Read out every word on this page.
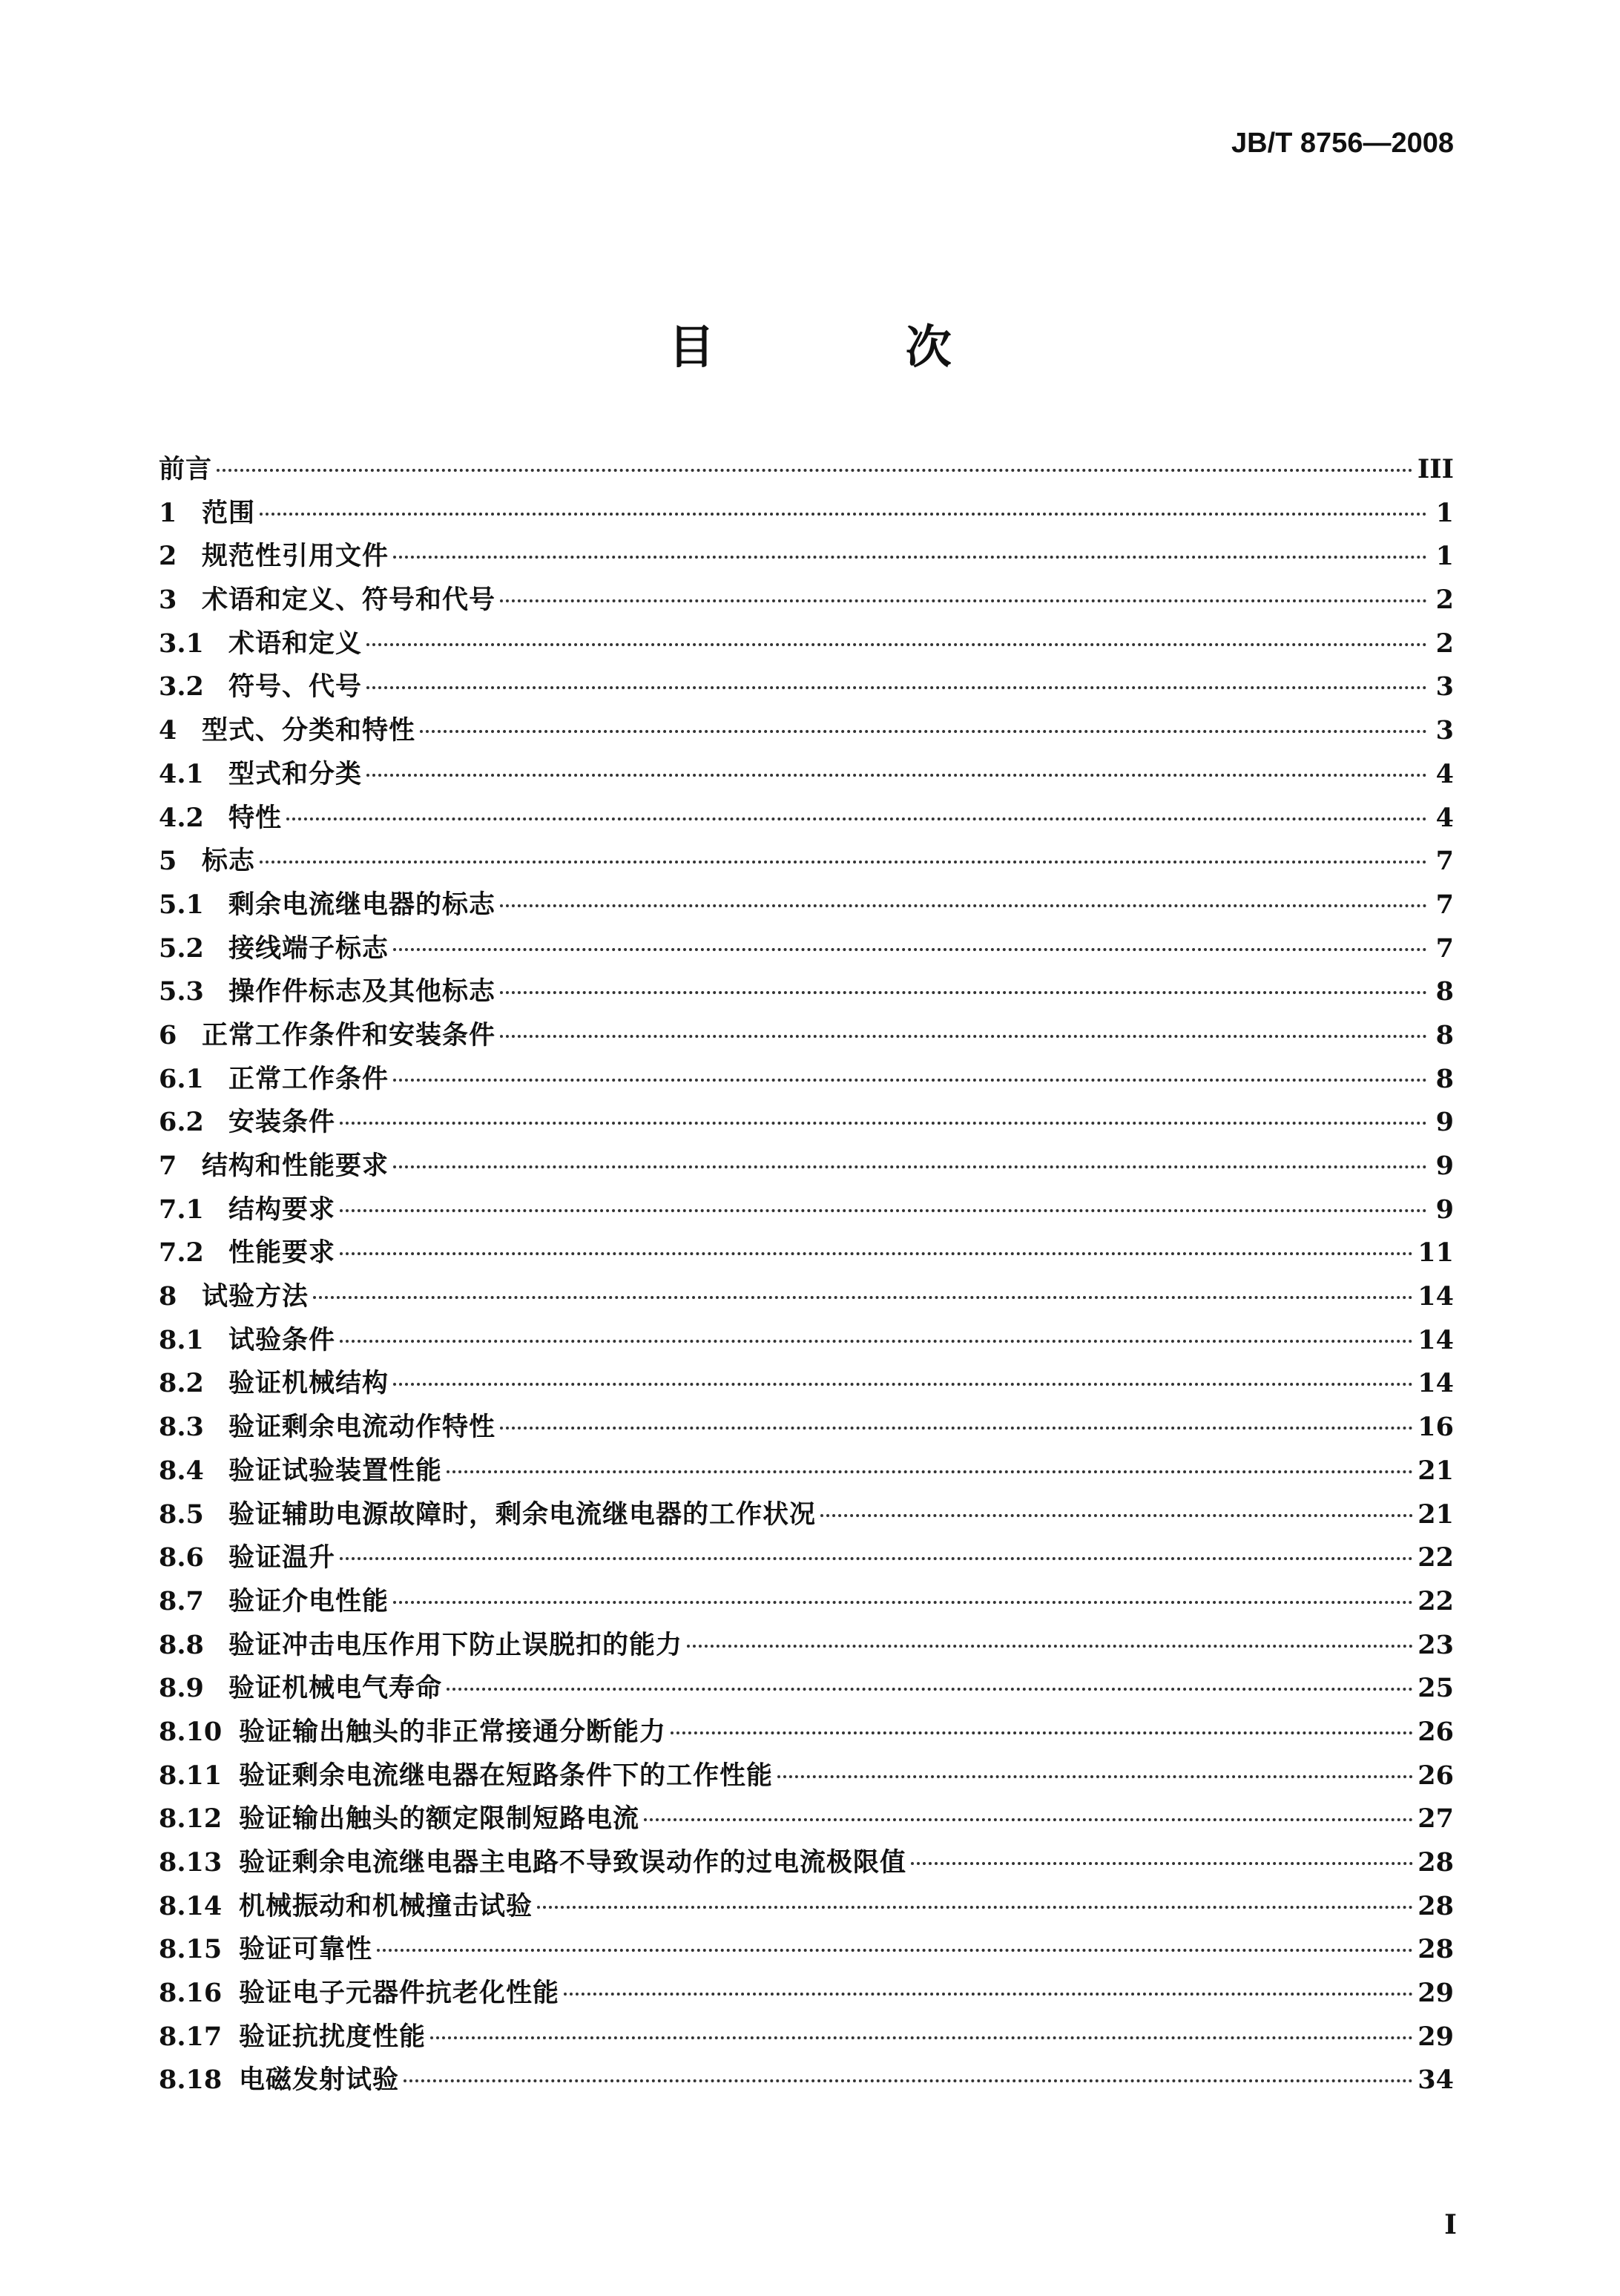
JB/T 8756—2008
目 次
前言	III
1 范围	1
2 规范性引用文件	1
3 术语和定义、符号和代号	2
3.1 术语和定义	2
3.2 符号、代号	3
4 型式、分类和特性	3
4.1 型式和分类	4
4.2 特性	4
5 标志	7
5.1 剩余电流继电器的标志	7
5.2 接线端子标志	7
5.3 操作件标志及其他标志	8
6 正常工作条件和安装条件	8
6.1 正常工作条件	8
6.2 安装条件	9
7 结构和性能要求	9
7.1 结构要求	9
7.2 性能要求	11
8 试验方法	14
8.1 试验条件	14
8.2 验证机械结构	14
8.3 验证剩余电流动作特性	16
8.4 验证试验装置性能	21
8.5 验证辅助电源故障时，剩余电流继电器的工作状况	21
8.6 验证温升	22
8.7 验证介电性能	22
8.8 验证冲击电压作用下防止误脱扣的能力	23
8.9 验证机械电气寿命	25
8.10 验证输出触头的非正常接通分断能力	26
8.11 验证剩余电流继电器在短路条件下的工作性能	26
8.12 验证输出触头的额定限制短路电流	27
8.13 验证剩余电流继电器主电路不导致误动作的过电流极限值	28
8.14 机械振动和机械撞击试验	28
8.15 验证可靠性	28
8.16 验证电子元器件抗老化性能	29
8.17 验证抗扰度性能	29
8.18 电磁发射试验	34
I
